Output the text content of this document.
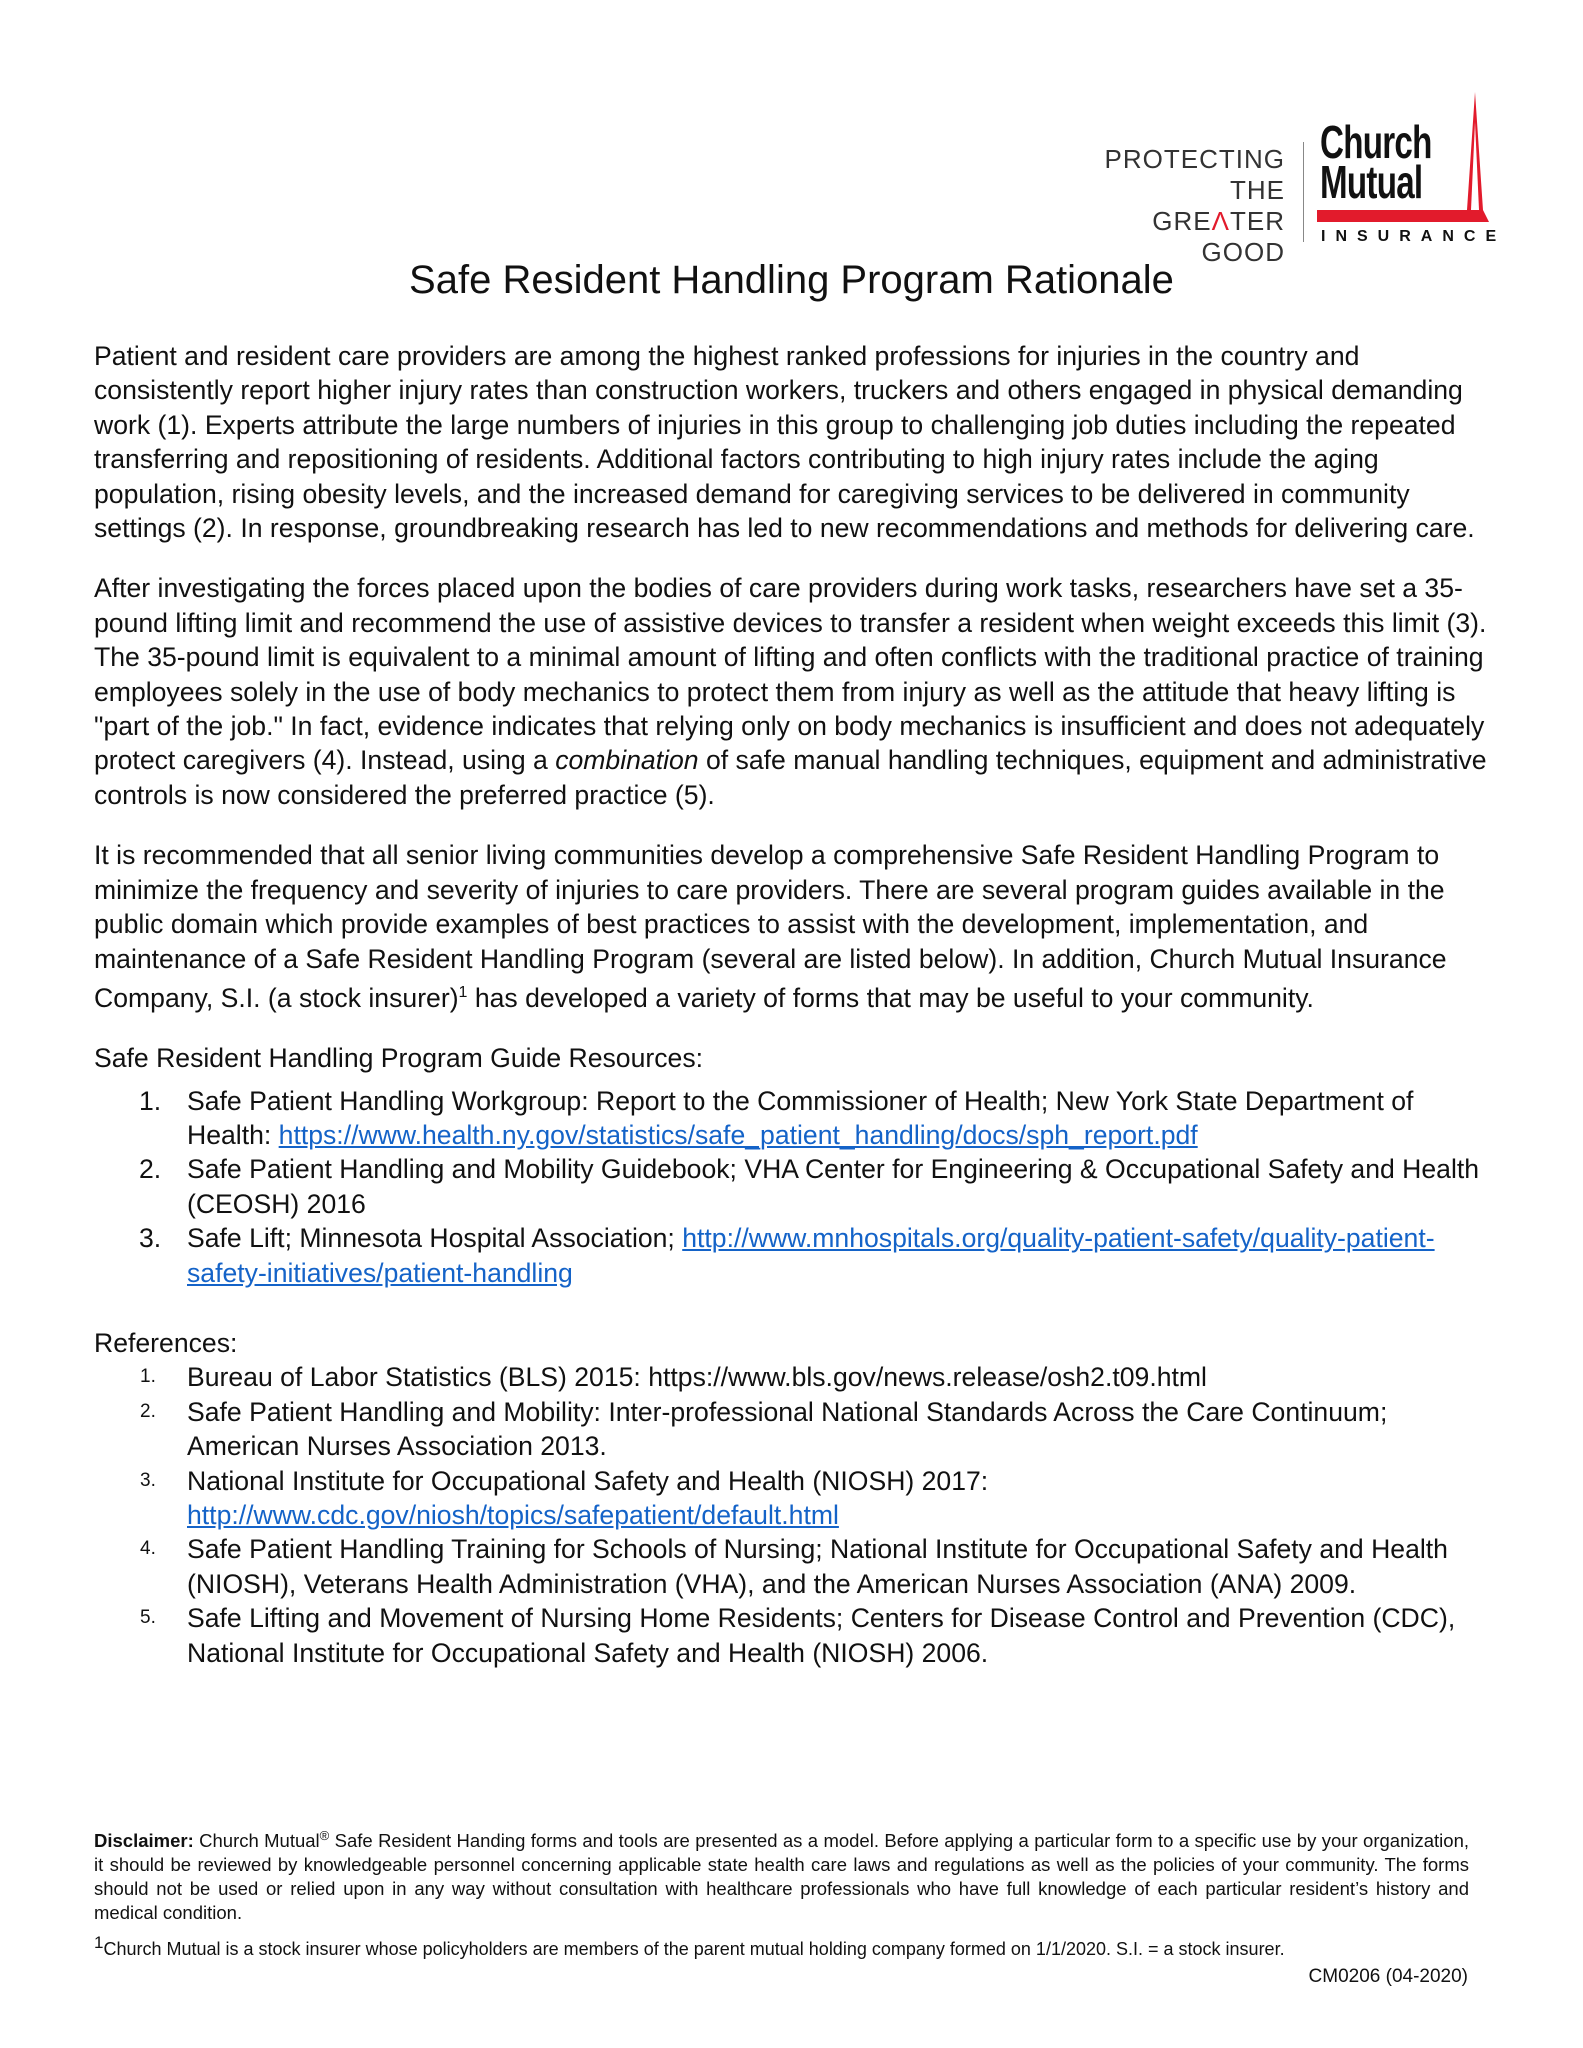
PROTECTING
THE GREΛTER
GOOD
Church
Mutual
INSURANCE
Safe Resident Handling Program Rationale

Patient and resident care providers are among the highest ranked professions for injuries in the country and consistently report higher injury rates than construction workers, truckers and others engaged in physical demanding work (1). Experts attribute the large numbers of injuries in this group to challenging job duties including the repeated transferring and repositioning of residents. Additional factors contributing to high injury rates include the aging population, rising obesity levels, and the increased demand for caregiving services to be delivered in community settings (2). In response, groundbreaking research has led to new recommendations and methods for delivering care.

After investigating the forces placed upon the bodies of care providers during work tasks, researchers have set a 35-pound lifting limit and recommend the use of assistive devices to transfer a resident when weight exceeds this limit (3). The 35-pound limit is equivalent to a minimal amount of lifting and often conflicts with the traditional practice of training employees solely in the use of body mechanics to protect them from injury as well as the attitude that heavy lifting is "part of the job." In fact, evidence indicates that relying only on body mechanics is insufficient and does not adequately protect caregivers (4). Instead, using a combination of safe manual handling techniques, equipment and administrative controls is now considered the preferred practice (5).

It is recommended that all senior living communities develop a comprehensive Safe Resident Handling Program to minimize the frequency and severity of injuries to care providers. There are several program guides available in the public domain which provide examples of best practices to assist with the development, implementation, and maintenance of a Safe Resident Handling Program (several are listed below). In addition, Church Mutual Insurance Company, S.I. (a stock insurer)$^1$ has developed a variety of forms that may be useful to your community.

Safe Resident Handling Program Guide Resources:
1. Safe Patient Handling Workgroup: Report to the Commissioner of Health; New York State Department of Health: https://www.health.ny.gov/statistics/safe_patient_handling/docs/sph_report.pdf
2. Safe Patient Handling and Mobility Guidebook; VHA Center for Engineering & Occupational Safety and Health (CEOSH) 2016
3. Safe Lift; Minnesota Hospital Association; http://www.mnhospitals.org/quality-patient-safety/quality-patient-safety-initiatives/patient-handling
References:
1. Bureau of Labor Statistics (BLS) 2015: https://www.bls.gov/news.release/osh2.t09.html
2. Safe Patient Handling and Mobility: Inter-professional National Standards Across the Care Continuum; American Nurses Association 2013.
3. National Institute for Occupational Safety and Health (NIOSH) 2017: http://www.cdc.gov/niosh/topics/safepatient/default.html
4. Safe Patient Handling Training for Schools of Nursing; National Institute for Occupational Safety and Health (NIOSH), Veterans Health Administration (VHA), and the American Nurses Association (ANA) 2009.
5. Safe Lifting and Movement of Nursing Home Residents; Centers for Disease Control and Prevention (CDC), National Institute for Occupational Safety and Health (NIOSH) 2006.
Disclaimer: Church Mutual® Safe Resident Handing forms and tools are presented as a model. Before applying a particular form to a specific use by your organization, it should be reviewed by knowledgeable personnel concerning applicable state health care laws and regulations as well as the policies of your community. The forms should not be used or relied upon in any way without consultation with healthcare professionals who have full knowledge of each particular resident’s history and medical condition.
$^1$Church Mutual is a stock insurer whose policyholders are members of the parent mutual holding company formed on 1/1/2020. S.I. = a stock insurer.
CM0206 (04-2020)
